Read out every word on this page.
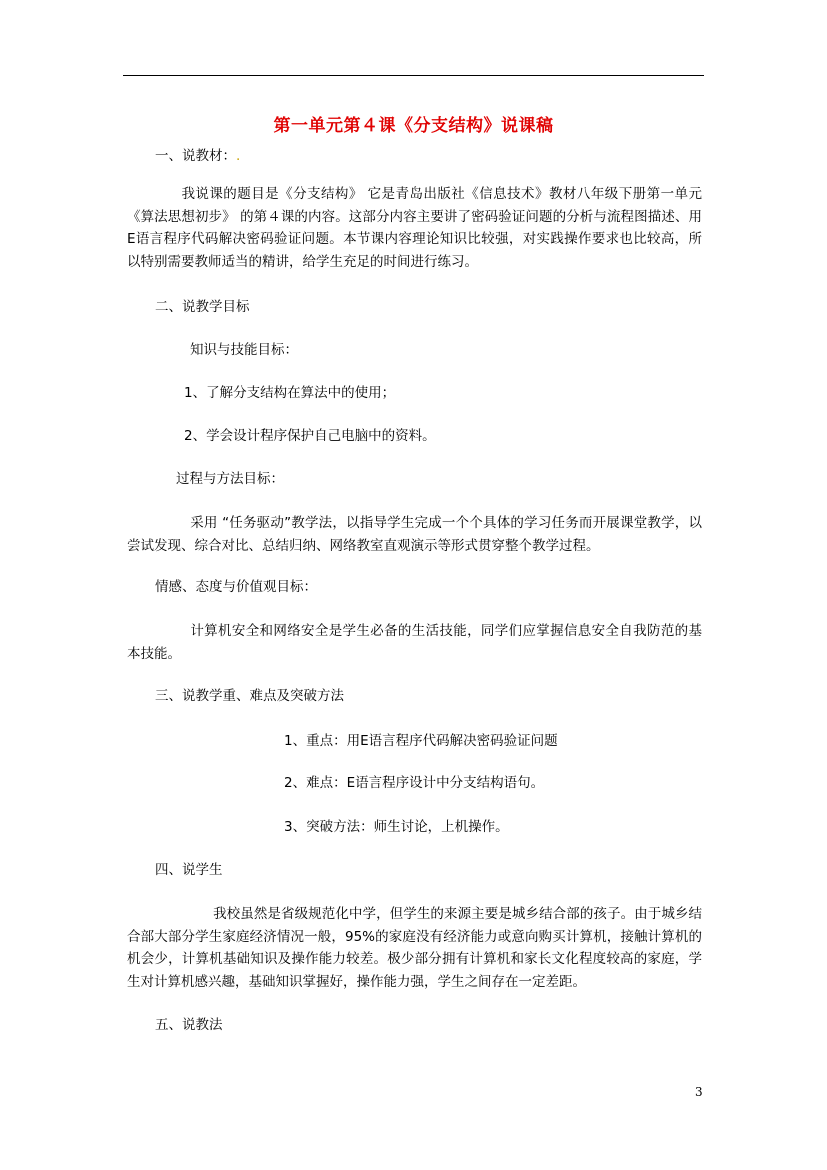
第一单元第４课《分支结构》说课稿
一、说教材：.
我说课的题目是《分支结构》 它是青岛出版社《信息技术》教材八年级下册第一单元《算法思想初步》 的第４课的内容。这部分内容主要讲了密码验证问题的分析与流程图描述、用E语言程序代码解决密码验证问题。本节课内容理论知识比较强，对实践操作要求也比较高，所以特别需要教师适当的精讲，给学生充足的时间进行练习。
二、说教学目标
知识与技能目标：
1、了解分支结构在算法中的使用；
2、学会设计程序保护自己电脑中的资料。
过程与方法目标：
采用 “任务驱动”教学法，以指导学生完成一个个具体的学习任务而开展课堂教学，以尝试发现、综合对比、总结归纳、网络教室直观演示等形式贯穿整个教学过程。
情感、态度与价值观目标：
计算机安全和网络安全是学生必备的生活技能，同学们应掌握信息安全自我防范的基本技能。
三、说教学重、难点及突破方法
1、重点：用E语言程序代码解决密码验证问题
2、难点：E语言程序设计中分支结构语句。
3、突破方法：师生讨论，上机操作。
四、说学生
我校虽然是省级规范化中学，但学生的来源主要是城乡结合部的孩子。由于城乡结合部大部分学生家庭经济情况一般，95%的家庭没有经济能力或意向购买计算机，接触计算机的机会少，计算机基础知识及操作能力较差。极少部分拥有计算机和家长文化程度较高的家庭，学生对计算机感兴趣，基础知识掌握好，操作能力强，学生之间存在一定差距。
五、说教法
3
